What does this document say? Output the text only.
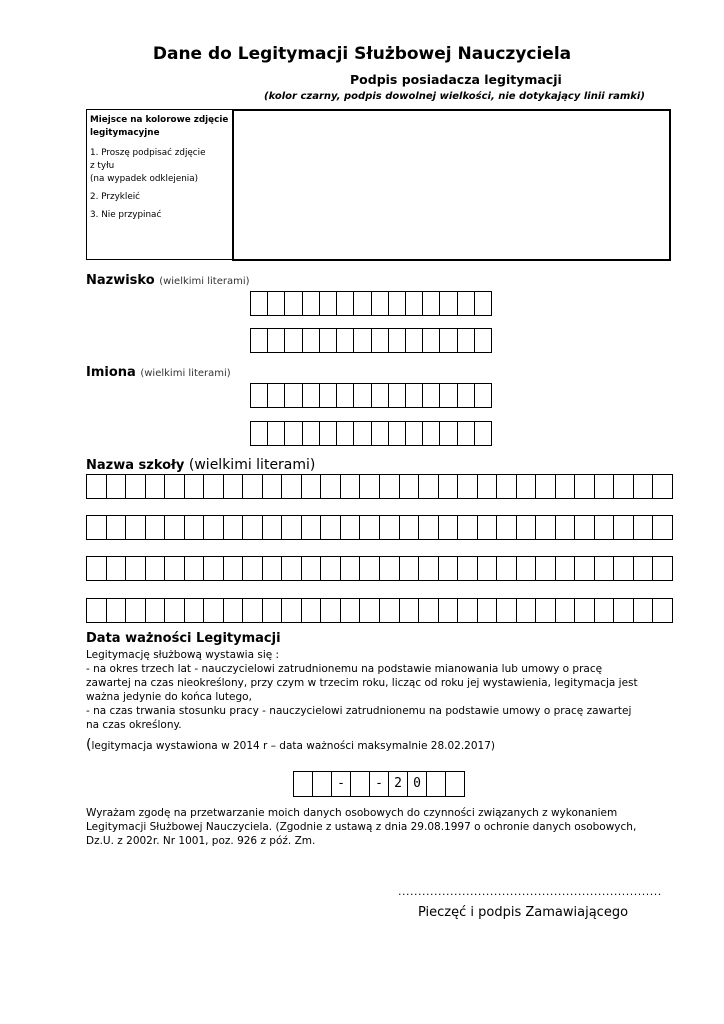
Dane do Legitymacji Służbowej Nauczyciela
Podpis posiadacza legitymacji
(kolor czarny, podpis dowolnej wielkości, nie dotykający linii ramki)
Miejsce na kolorowe zdjęcie legitymacyjne
1. Proszę podpisać zdjęcie
z tyłu
(na wypadek odklejenia)
2. Przykleić
3. Nie przypinać
Nazwisko (wielkimi literami)
Imiona (wielkimi literami)
Nazwa szkoły (wielkimi literami)
Data ważności Legitymacji
Legitymację służbową wystawia się :
- na okres trzech lat - nauczycielowi zatrudnionemu na podstawie mianowania lub umowy o pracę zawartej na czas nieokreślony, przy czym w trzecim roku, licząc od roku jej wystawienia, legitymacja jest ważna jedynie do końca lutego,
- na czas trwania stosunku pracy - nauczycielowi zatrudnionemu na podstawie umowy o pracę zawartej na czas określony.
(legitymacja wystawiona w 2014 r – data ważności maksymalnie 28.02.2017)
-	- 2 0
Wyrażam zgodę na przetwarzanie moich danych osobowych do czynności związanych z wykonaniem Legitymacji Służbowej Nauczyciela. (Zgodnie z ustawą z dnia 29.08.1997 o ochronie danych osobowych, Dz.U. z 2002r. Nr 1001, poz. 926 z póź. Zm.
..................................................................
Pieczęć i podpis Zamawiającego
